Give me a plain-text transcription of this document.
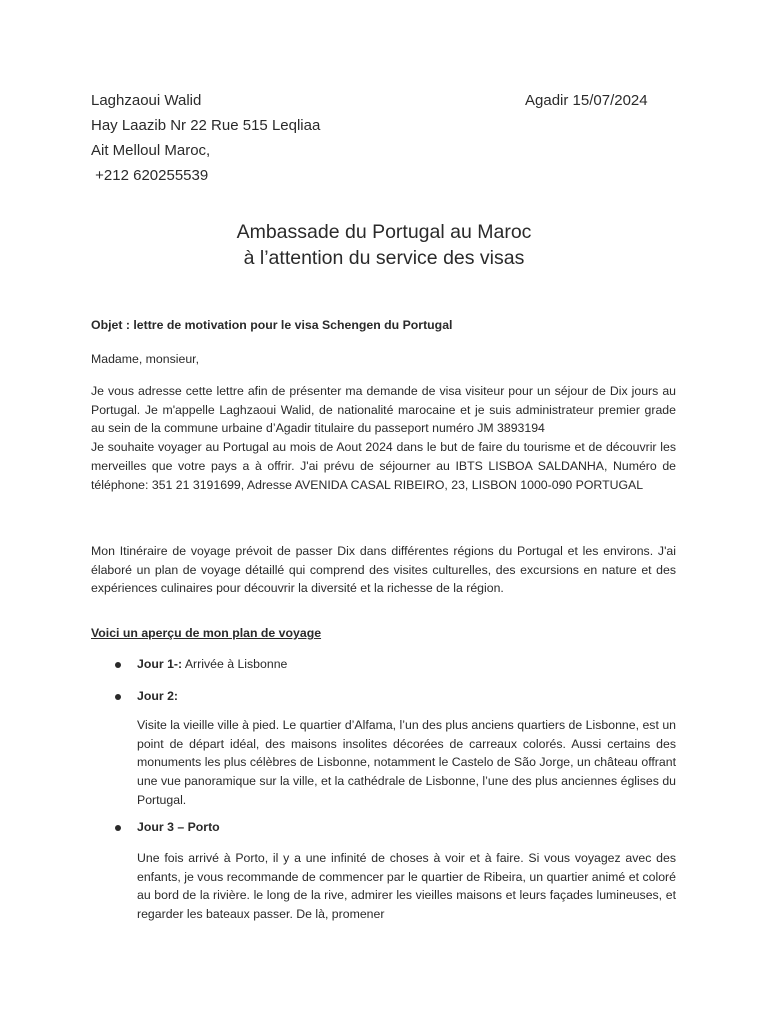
Laghzaoui Walid
Hay Laazib Nr 22 Rue 515 Leqliaa
Ait Melloul Maroc,
+212 620255539
Agadir 15/07/2024
Ambassade du Portugal au Maroc
à l’attention du service des visas
Objet : lettre de motivation pour le visa Schengen du Portugal
Madame, monsieur,
Je vous adresse cette lettre afin de présenter ma demande de visa visiteur pour un séjour de Dix jours au Portugal. Je m'appelle Laghzaoui Walid, de nationalité marocaine et je suis administrateur premier grade au sein de la commune urbaine d’Agadir titulaire du passeport numéro JM 3893194
Je souhaite voyager au Portugal au mois de Aout 2024 dans le but de faire du tourisme et de découvrir les merveilles que votre pays a à offrir. J'ai prévu de séjourner au IBTS LISBOA SALDANHA, Numéro de téléphone: 351 21 3191699, Adresse AVENIDA CASAL RIBEIRO, 23, LISBON 1000-090 PORTUGAL
Mon Itinéraire de voyage prévoit de passer Dix dans différentes régions du Portugal et les environs. J'ai élaboré un plan de voyage détaillé qui comprend des visites culturelles, des excursions en nature et des expériences culinaires pour découvrir la diversité et la richesse de la région.
Voici un aperçu de mon plan de voyage
Jour 1-: Arrivée à Lisbonne
Jour 2:
Visite la vieille ville à pied. Le quartier d’Alfama, l’un des plus anciens quartiers de Lisbonne, est un point de départ idéal, des maisons insolites décorées de carreaux colorés. Aussi certains des monuments les plus célèbres de Lisbonne, notamment le Castelo de São Jorge, un château offrant une vue panoramique sur la ville, et la cathédrale de Lisbonne, l’une des plus anciennes églises du Portugal.
Jour 3 – Porto
Une fois arrivé à Porto, il y a une infinité de choses à voir et à faire. Si vous voyagez avec des enfants, je vous recommande de commencer par le quartier de Ribeira, un quartier animé et coloré au bord de la rivière. le long de la rive, admirer les vieilles maisons et leurs façades lumineuses, et regarder les bateaux passer. De là, promener
